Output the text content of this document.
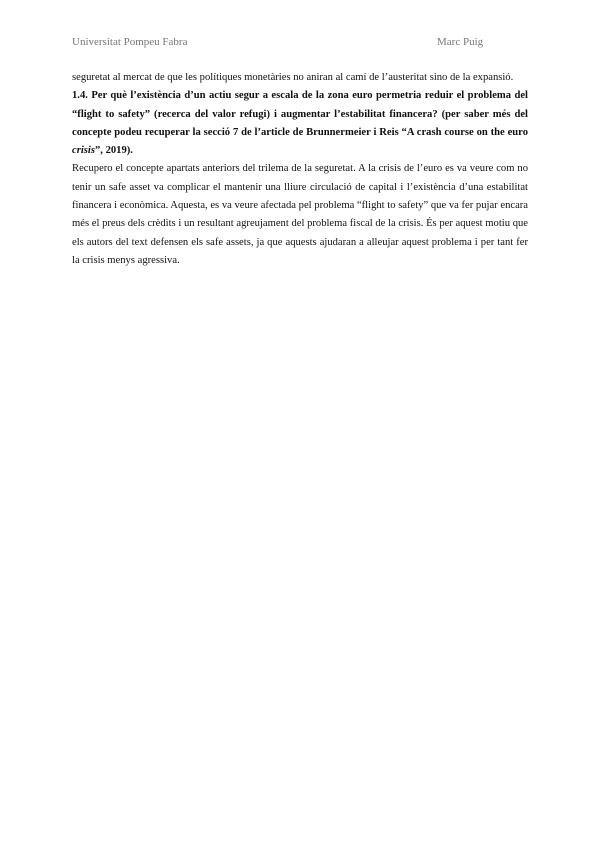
Universitat Pompeu Fabra	Marc Puig

seguretat al mercat de que les polítiques monetàries no aniran al camí de l’austeritat sino de la expansió.

1.4. Per què l’existència d’un actiu segur a escala de la zona euro permetria reduir el problema del “flight to safety” (recerca del valor refugi) i augmentar l’estabilitat financera? (per saber més del concepte podeu recuperar la secció 7 de l’article de Brunnermeier i Reis “A crash course on the euro crisis”, 2019).

Recupero el concepte apartats anteriors del trilema de la seguretat. A la crisis de l’euro es va veure com no tenir un safe asset va complicar el mantenir una lliure circulació de capital i l’existència d’una estabilitat financera i econòmica. Aquesta, es va veure afectada pel problema “flight to safety” que va fer pujar encara més el preus dels crèdits i un resultant agreujament del problema fiscal de la crisis. És per aquest motiu que els autors del text defensen els safe assets, ja que aquests ajudaran a alleujar aquest problema i per tant fer la crisis menys agressiva.
